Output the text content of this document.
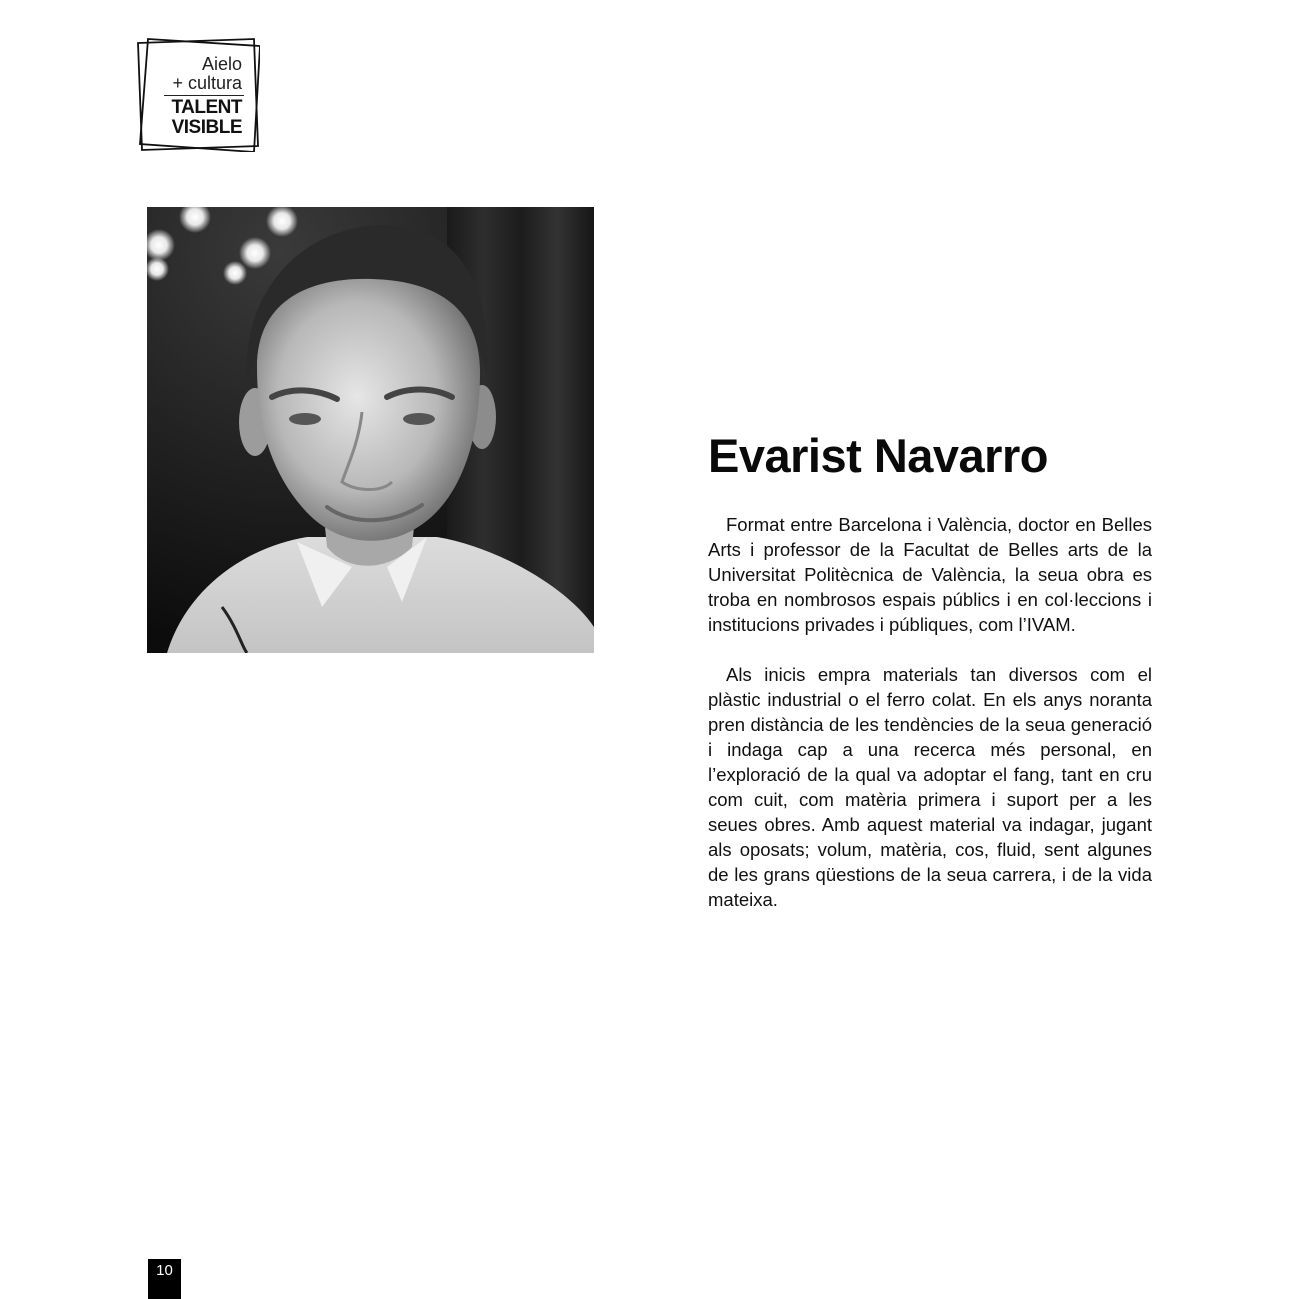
Aielo
+ cultura
TALENT
VISIBLE
Evarist Navarro

Format entre Barcelona i València, doctor en Belles Arts i professor de la Facultat de Belles arts de la Universitat Politècnica de València, la seua obra es troba en nombrosos espais públics i en col·leccions i institucions privades i públiques, com l’IVAM.

Als inicis empra materials tan diversos com el plàstic industrial o el ferro colat. En els anys noranta pren distància de les tendències de la seua generació i indaga cap a una recerca més personal, en l’exploració de la qual va adoptar el fang, tant en cru com cuit, com matèria primera i suport per a les seues obres. Amb aquest material va indagar, jugant als oposats; volum, matèria, cos, fluid, sent algunes de les grans qüestions de la seua carrera, i de la vida mateixa.

10
